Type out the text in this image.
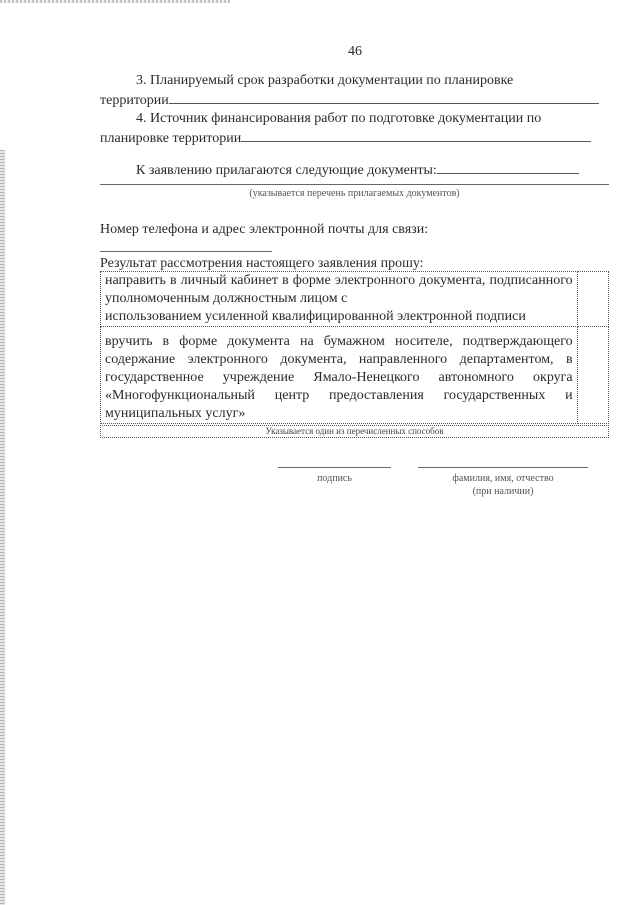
46
3. Планируемый срок разработки документации по планировке
территории
4. Источник финансирования работ по подготовке документации по
планировке территории
К заявлению прилагаются следующие документы:
(указывается перечень прилагаемых документов)
Номер телефона и адрес электронной почты для связи:
Результат рассмотрения настоящего заявления прошу:
направить в личный кабинет в форме электронного документа, подписанного уполномоченным должностным лицом с
использованием усиленной квалифицированной электронной подписи	

вручить в форме документа на бумажном носителе, подтверждающего содержание электронного документа, направленного департаментом, в государственное учреждение Ямало-Ненецкого автономного округа «Многофункциональный центр предоставления государственных и муниципальных услуг»	
Указывается один из перечисленных способов
подпись	фамилия, имя, отчество
(при наличии)
